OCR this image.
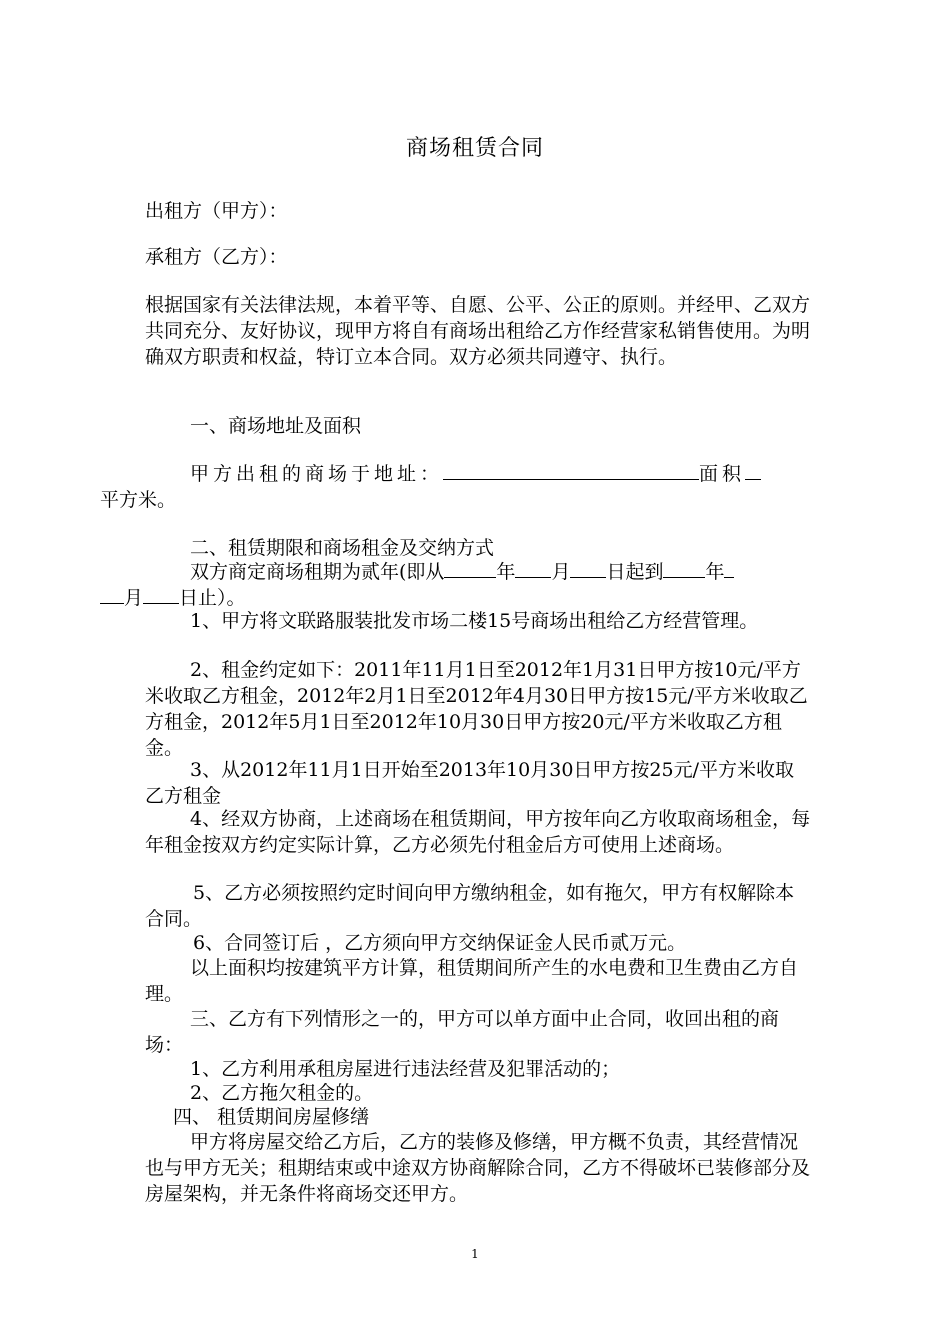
商场租赁合同
出租方（甲方）：
承租方（乙方）：
根据国家有关法律法规，本着平等、自愿、公平、公正的原则。并经甲、乙双方共同充分、友好协议，现甲方将自有商场出租给乙方作经营家私销售使用。为明确双方职责和权益，特订立本合同。双方必须共同遵守、执行。
一、商场地址及面积
甲方出租的商场于地址：	面积
平方米。
二、租赁期限和商场租金及交纳方式
双方商定商场租期为贰年(即从	年 月 日起到 年
月 日止）。
1、甲方将文联路服装批发市场二楼15号商场出租给乙方经营管理。
2、租金约定如下：2011年11月1日至2012年1月31日甲方按10元/平方米收取乙方租金，2012年2月1日至2012年4月30日甲方按15元/平方米收取乙方租金，2012年5月1日至2012年10月30日甲方按20元/平方米收取乙方租金。
3、从2012年11月1日开始至2013年10月30日甲方按25元/平方米收取乙方租金
4、经双方协商，上述商场在租赁期间，甲方按年向乙方收取商场租金，每年租金按双方约定实际计算，乙方必须先付租金后方可使用上述商场。
5、乙方必须按照约定时间向甲方缴纳租金，如有拖欠，甲方有权解除本合同。
6、合同签订后 ，乙方须向甲方交纳保证金人民币贰万元。
以上面积均按建筑平方计算，租赁期间所产生的水电费和卫生费由乙方自理。
三、乙方有下列情形之一的，甲方可以单方面中止合同，收回出租的商场：
1、乙方利用承租房屋进行违法经营及犯罪活动的；
2、乙方拖欠租金的。
四、 租赁期间房屋修缮
甲方将房屋交给乙方后，乙方的装修及修缮，甲方概不负责，其经营情况也与甲方无关；租期结束或中途双方协商解除合同，乙方不得破坏已装修部分及房屋架构，并无条件将商场交还甲方。
1
